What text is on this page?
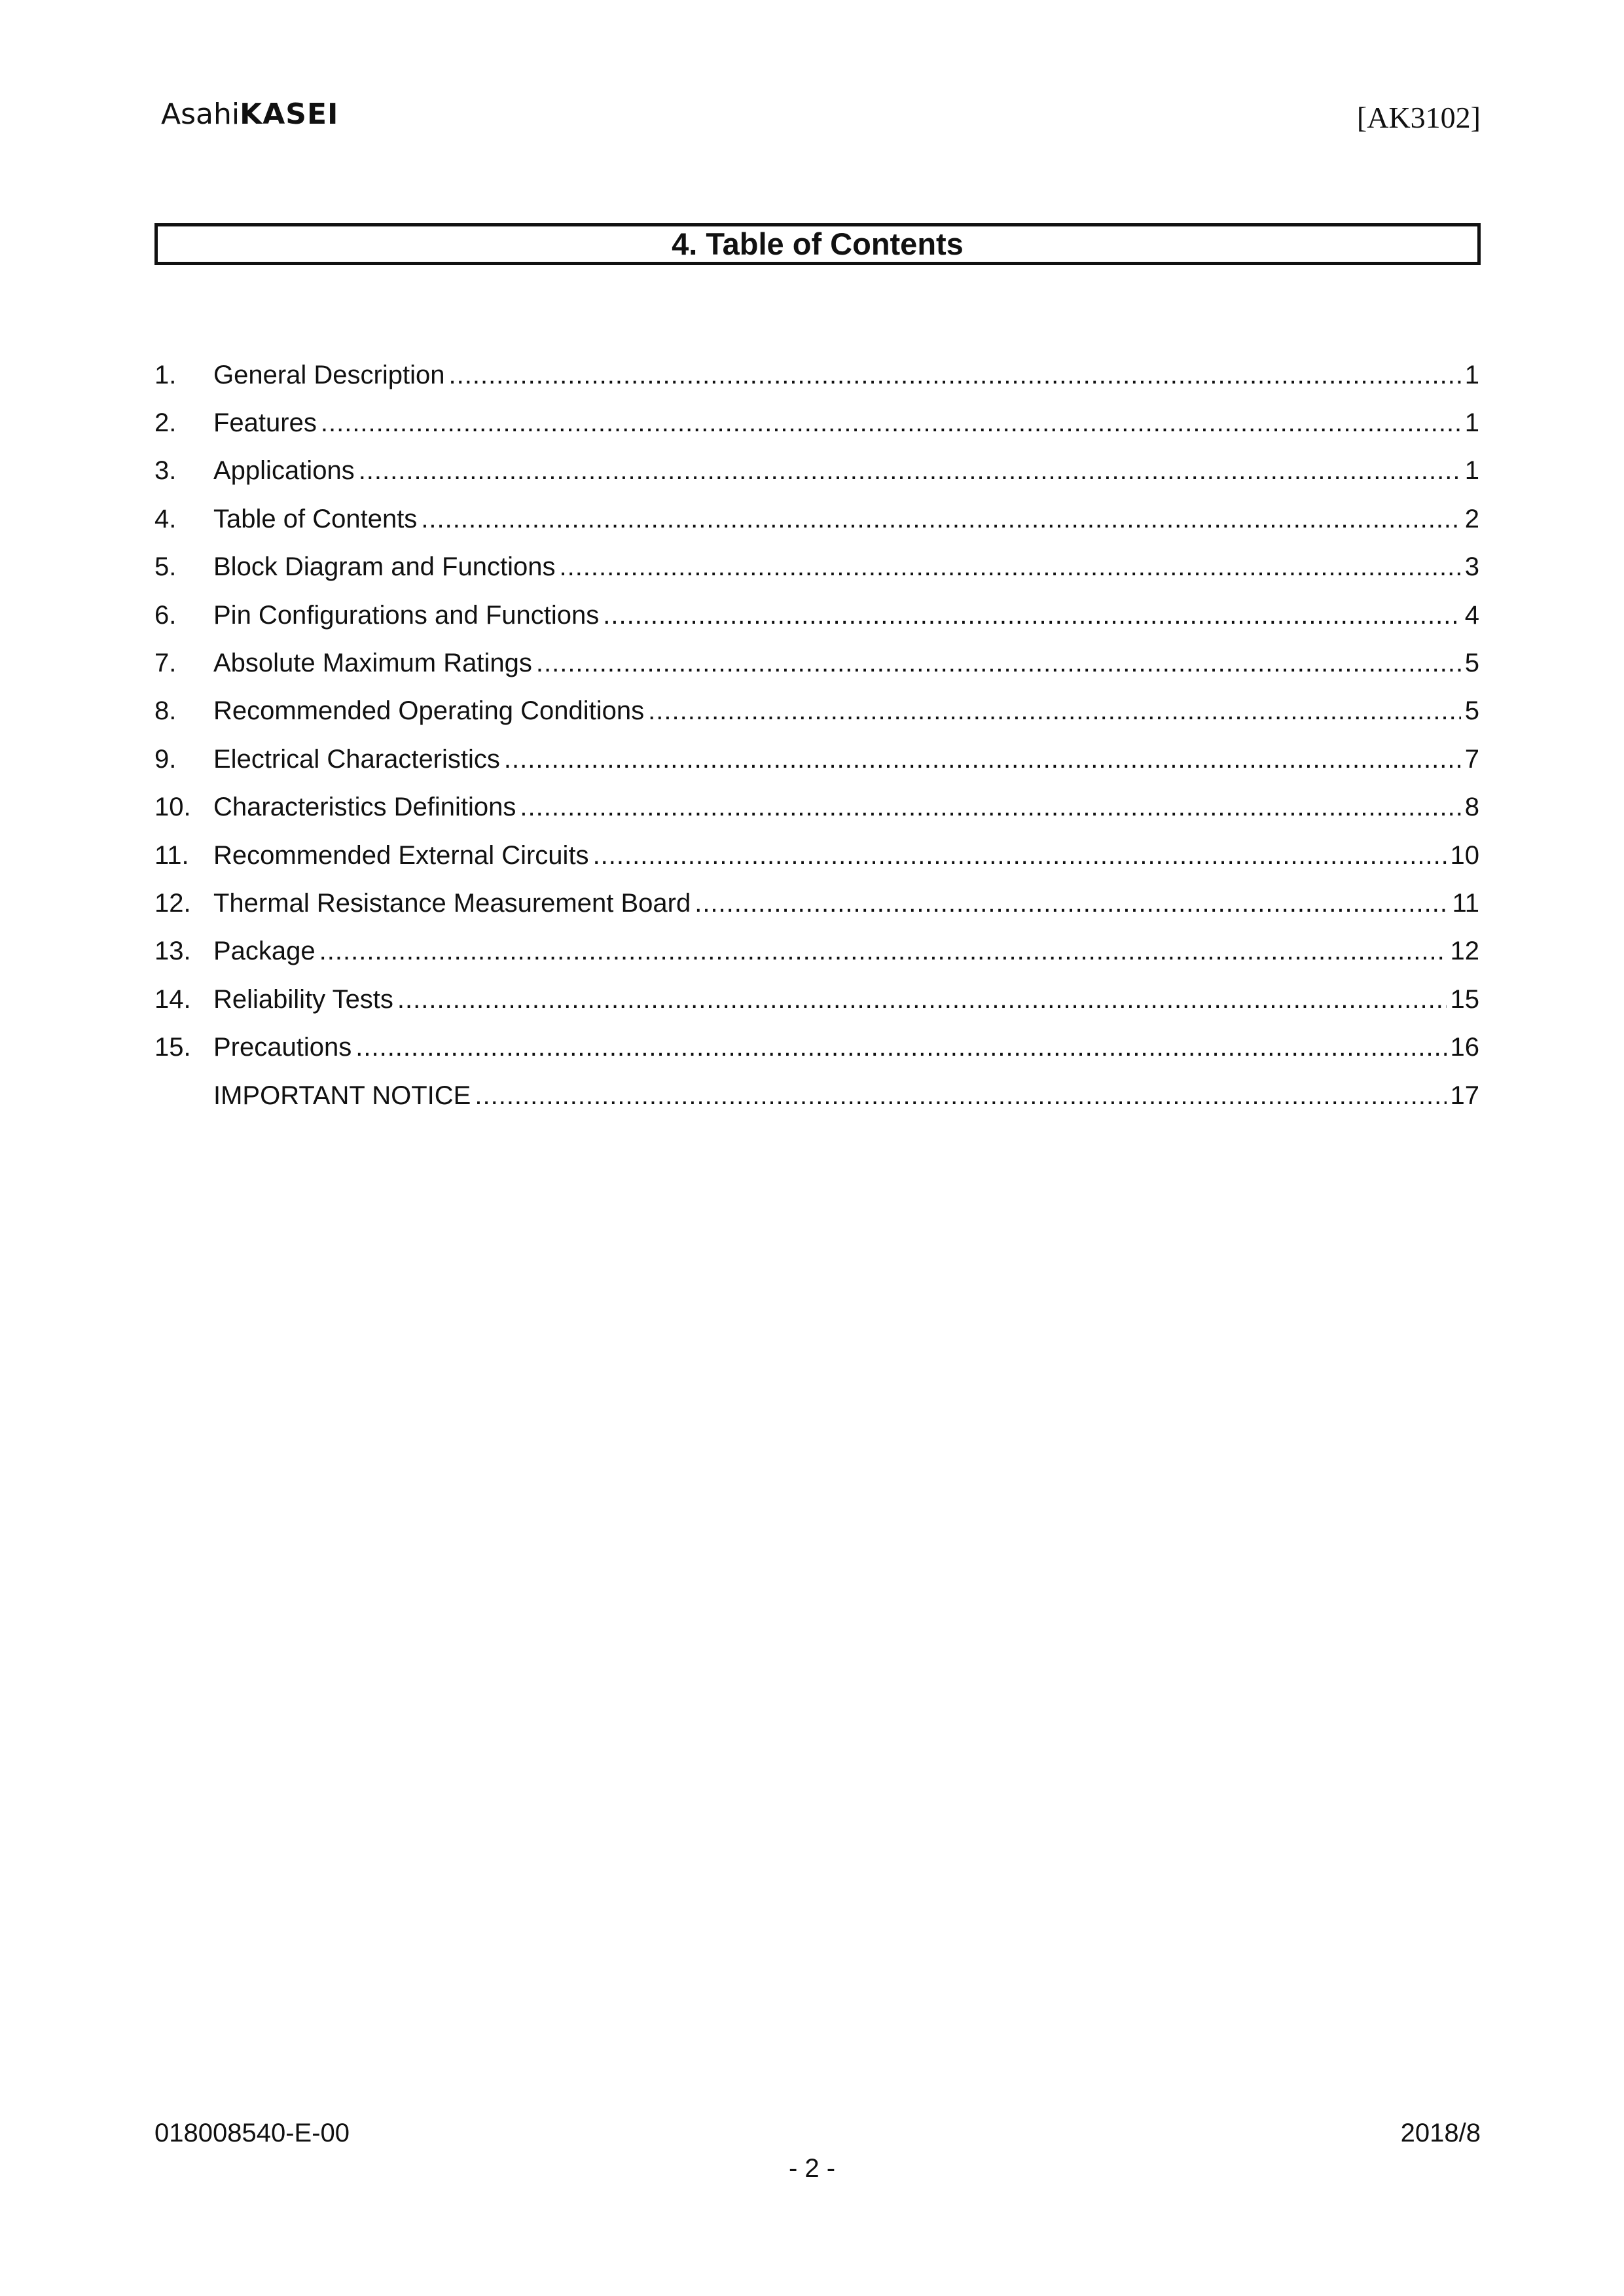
AsahiKASEI	[AK3102]
4. Table of Contents
1.	General Description .....	1
2.	Features .....	1
3.	Applications .....	1
4.	Table of Contents .....	2
5.	Block Diagram and Functions .....	3
6.	Pin Configurations and Functions .....	4
7.	Absolute Maximum Ratings .....	5
8.	Recommended Operating Conditions .....	5
9.	Electrical Characteristics .....	7
10. Characteristics Definitions .....	8
11. Recommended External Circuits .....	10
12. Thermal Resistance Measurement Board .....	11
13. Package .....	12
14. Reliability Tests .....	15
15. Precautions .....	16
IMPORTANT NOTICE .....	17
018008540-E-00	2018/8
- 2 -
